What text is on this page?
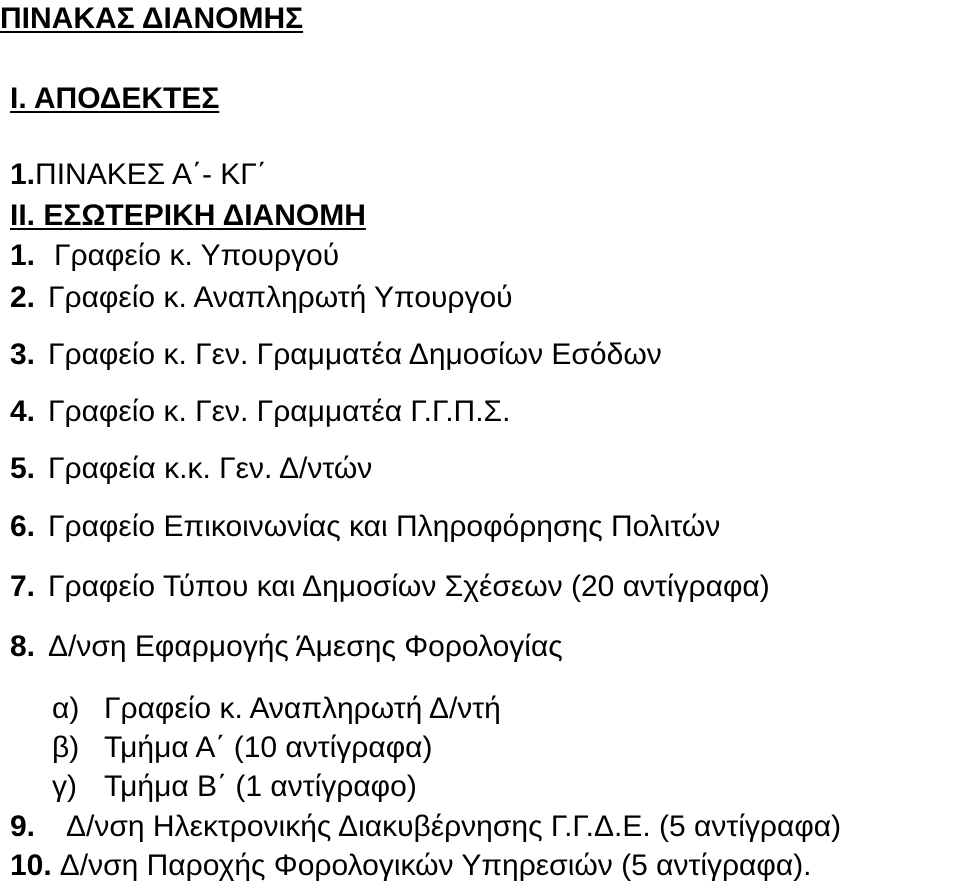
ΠΙΝΑΚΑΣ ΔΙΑΝΟΜΗΣ
Ι. ΑΠΟΔΕΚΤΕΣ
1.ΠΙΝΑΚΕΣ Α΄- ΚΓ΄
ΙΙ. ΕΣΩΤΕΡΙΚΗ ΔΙΑΝΟΜΗ
1. Γραφείο κ. Υπουργού
2. Γραφείο κ. Αναπληρωτή Υπουργού
3. Γραφείο κ. Γεν. Γραμματέα Δημοσίων Εσόδων
4. Γραφείο κ. Γεν. Γραμματέα Γ.Γ.Π.Σ.
5. Γραφεία κ.κ. Γεν. Δ/ντών
6. Γραφείο Επικοινωνίας και Πληροφόρησης Πολιτών
7. Γραφείο Τύπου και Δημοσίων Σχέσεων (20 αντίγραφα)
8. Δ/νση Εφαρμογής Άμεσης Φορολογίας
α) Γραφείο κ. Αναπληρωτή Δ/ντή
β) Τμήμα Α΄ (10 αντίγραφα)
γ) Τμήμα Β΄ (1 αντίγραφο)
9. Δ/νση Ηλεκτρονικής Διακυβέρνησης Γ.Γ.Δ.Ε. (5 αντίγραφα)
10. Δ/νση Παροχής Φορολογικών Υπηρεσιών (5 αντίγραφα).
